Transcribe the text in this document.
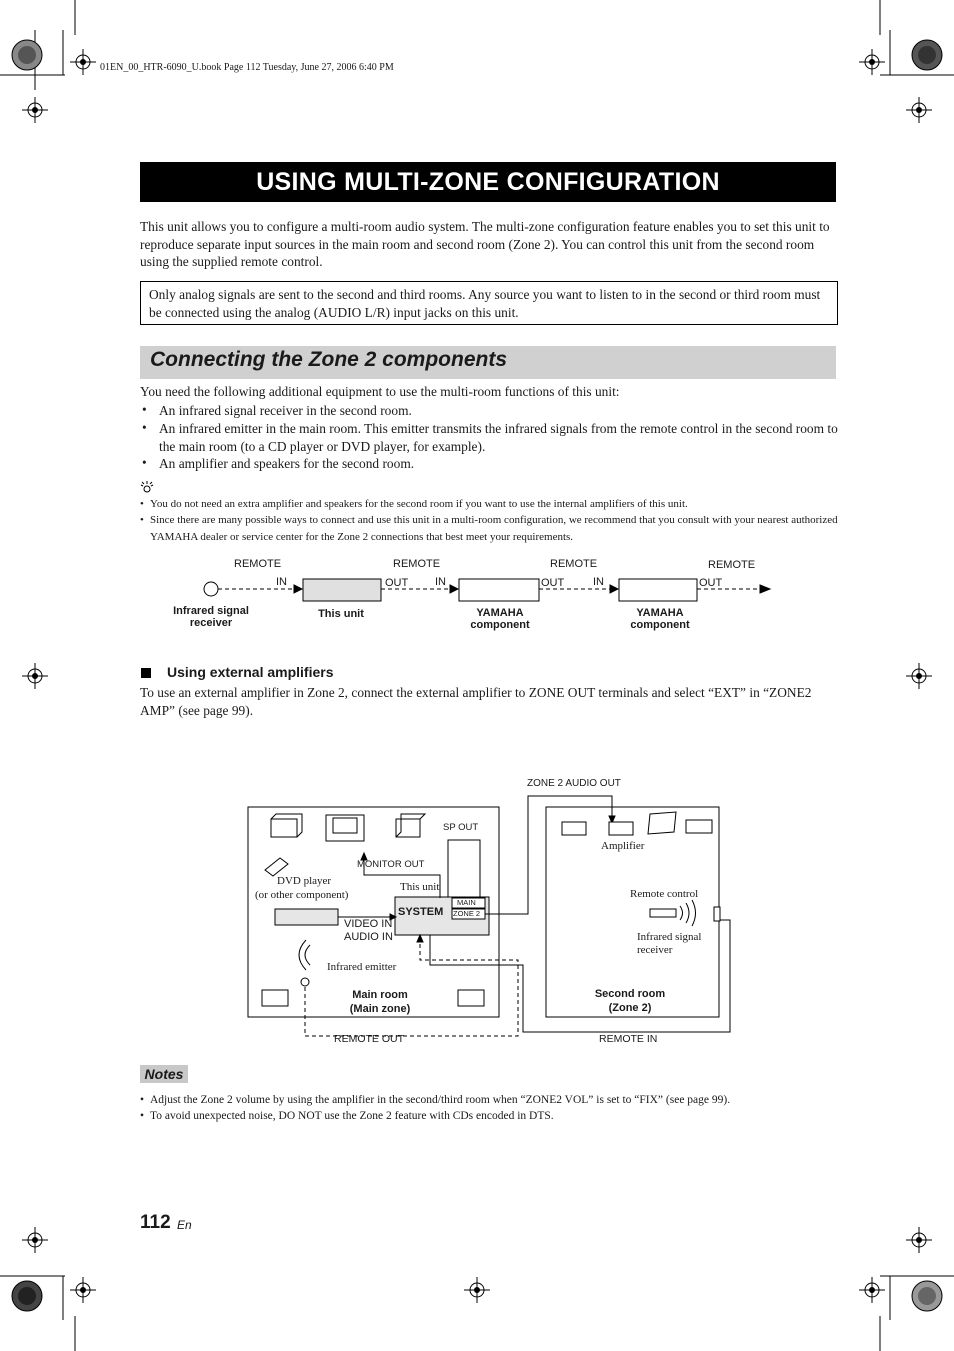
01EN_00_HTR-6090_U.book Page 112 Tuesday, June 27, 2006 6:40 PM
USING MULTI-ZONE CONFIGURATION
This unit allows you to configure a multi-room audio system. The multi-zone configuration feature enables you to set this unit to reproduce separate input sources in the main room and second room (Zone 2). You can control this unit from the second room using the supplied remote control.
Only analog signals are sent to the second and third rooms. Any source you want to listen to in the second or third room must be connected using the analog (AUDIO L/R) input jacks on this unit.
Connecting the Zone 2 components
You need the following additional equipment to use the multi-room functions of this unit:
• An infrared signal receiver in the second room.
• An infrared emitter in the main room. This emitter transmits the infrared signals from the remote control in the second room to the main room (to a CD player or DVD player, for example).
• An amplifier and speakers for the second room.
• You do not need an extra amplifier and speakers for the second room if you want to use the internal amplifiers of this unit.
• Since there are many possible ways to connect and use this unit in a multi-room configuration, we recommend that you consult with your nearest authorized YAMAHA dealer or service center for the Zone 2 connections that best meet your requirements.
REMOTE
IN
REMOTE
OUT IN
REMOTE
OUT	IN
REMOTE
OUT
Infrared signal receiver
This unit	YAMAHA component
YAMAHA component
Using external amplifiers
To use an external amplifier in Zone 2, connect the external amplifier to ZONE OUT terminals and select “EXT” in “ZONE2 AMP” (see page 99).
ZONE 2 AUDIO OUT
SP OUT
MONITOR OUT
DVD player
(or other component)
This unit
SYSTEM
MAIN
ZONE 2
VIDEO IN
AUDIO IN
Infrared emitter
Main room
(Main zone)
Amplifier
Remote control
Infrared signal
receiver
Second room
(Zone 2)
REMOTE OUT	REMOTE IN
Notes
• Adjust the Zone 2 volume by using the amplifier in the second/third room when “ZONE2 VOL” is set to “FIX” (see page 99).
• To avoid unexpected noise, DO NOT use the Zone 2 feature with CDs encoded in DTS.
112 En
